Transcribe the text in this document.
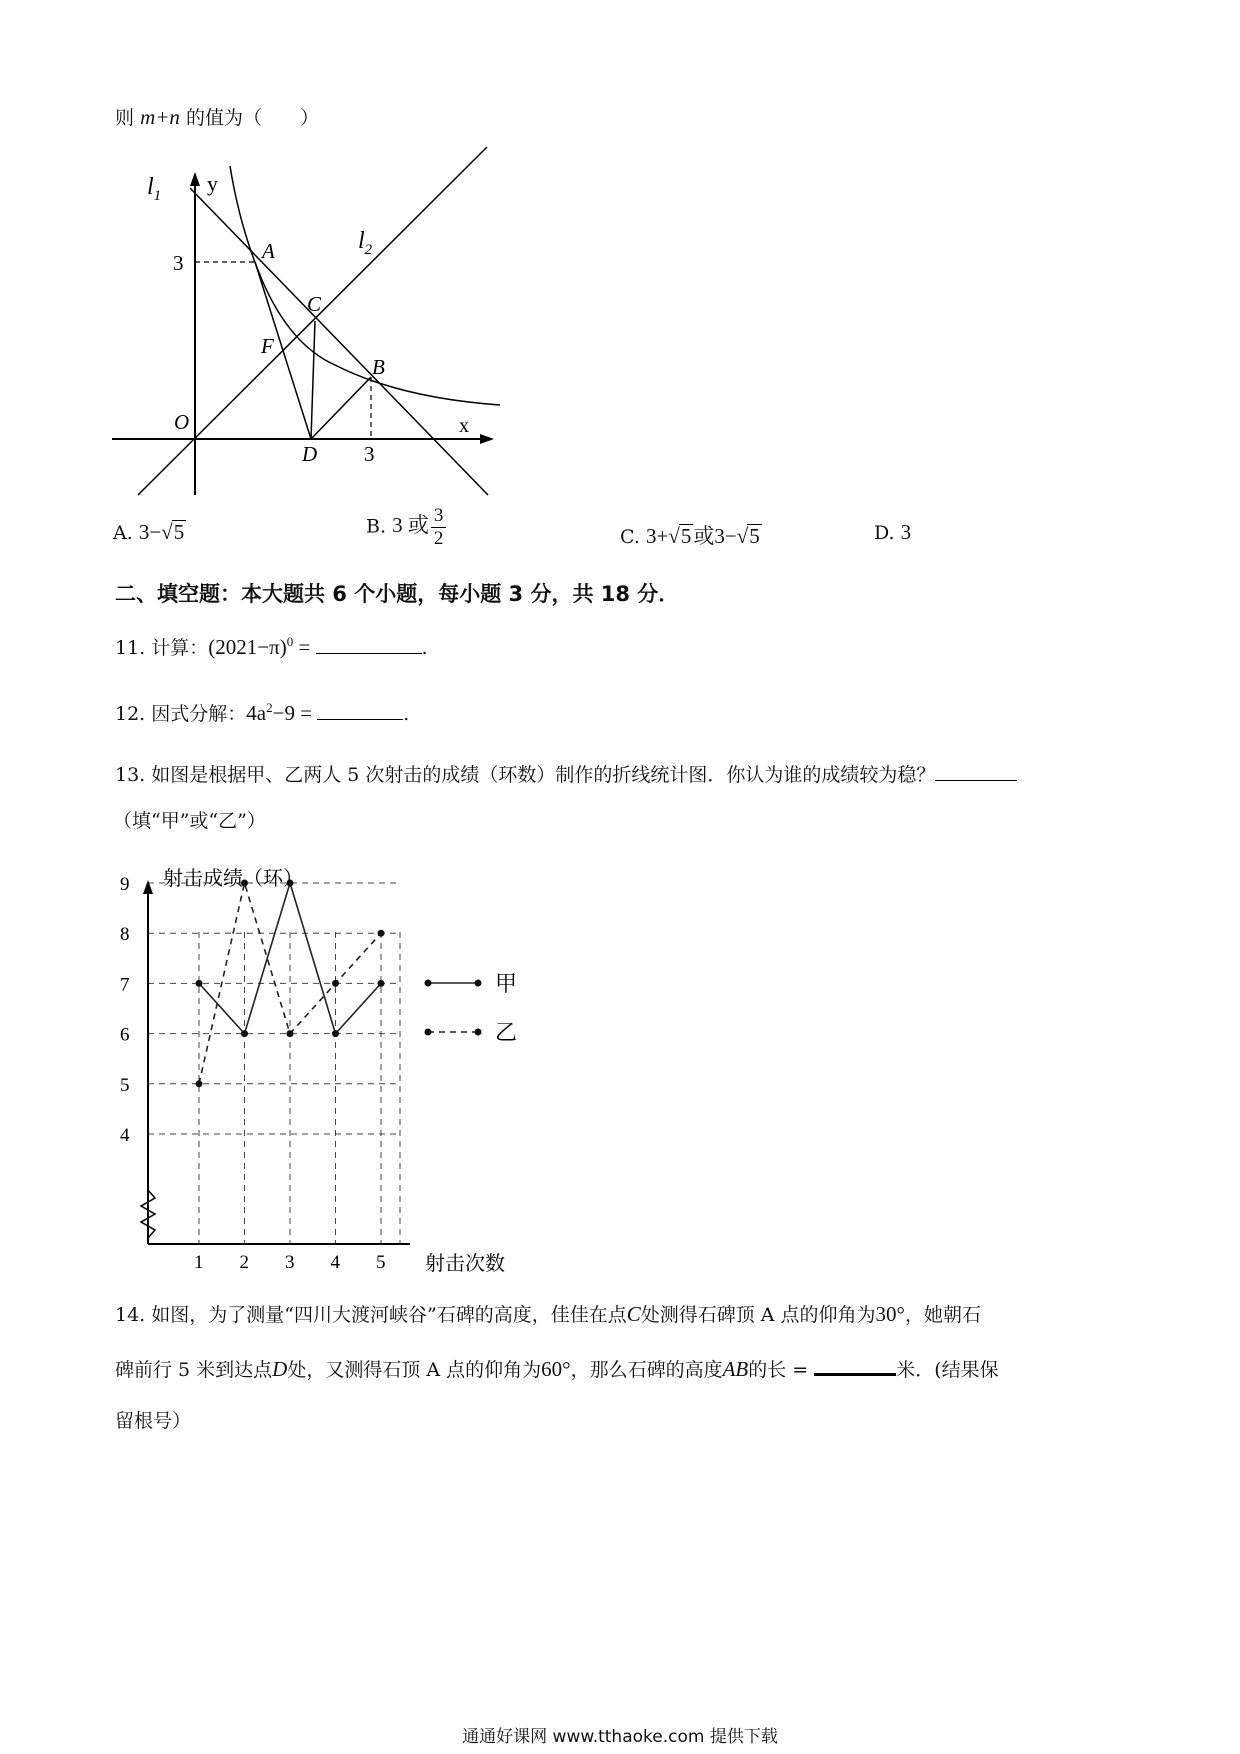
则 m+n 的值为（　　）
$l_1$ y
$l_2$
3	A
C
F
B
O	x
D 3
A. 3−√5	B. 3 或 $\frac{3}{2}$	C. 3+√5或3−√5	D. 3
二、填空题：本大题共 6 个小题，每小题 3 分，共 18 分．
11. 计算：$(2021-\pi)^0$ =	.
12. 因式分解：$4a^2-9$ =	.
13. 如图是根据甲、乙两人 5 次射击的成绩（环数）制作的折线统计图．你认为谁的成绩较为稳？
（填“甲”或“乙”）
4
5
6
7
8
9
1 2 3 4 5
射击成绩（环）
射击次数
甲
乙
14. 如图，为了测量“四川大渡河峡谷”石碑的高度，佳佳在点C处测得石碑顶 A 点的仰角为30°，她朝石
碑前行 5 米到达点D处，又测得石顶 A 点的仰角为60°，那么石碑的高度AB的长 =	米．(结果保
留根号）
通通好课网 www.tthaoke.com 提供下载
